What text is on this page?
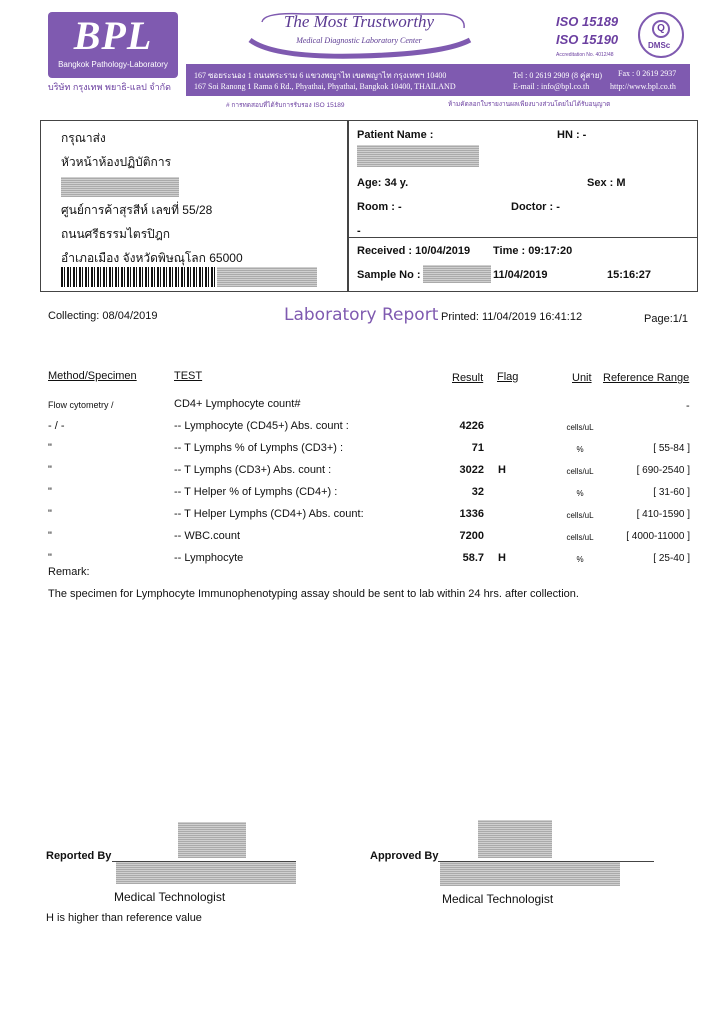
BPL
Bangkok Pathology-Laboratory
บริษัท กรุงเทพ พยาธิ-แลป จำกัด
The Most Trustworthy
Medical Diagnostic Laboratory Center
ISO 15189
ISO 15190
Accreditation No. 4012/48
Q
DMSc
167 ซอยระนอง 1 ถนนพระราม 6 แขวงพญาไท เขตพญาไท กรุงเทพฯ 10400
167 Soi Ranong 1 Rama 6 Rd., Phyathai, Phyathai, Bangkok 10400, THAILAND
Tel : 0 2619 2909 (8 คู่สาย) Fax : 0 2619 2937
E-mail : info@bpl.co.th	http://www.bpl.co.th
# การทดสอบที่ได้รับการรับรอง ISO 15189	ห้ามคัดลอกใบรายงานผลเพียงบางส่วนโดยไม่ได้รับอนุญาต
กรุณาส่ง
หัวหน้าห้องปฏิบัติการ
ศูนย์การค้าสุรสีห์ เลขที่ 55/28
ถนนศรีธรรมไตรปิฎก
อำเภอเมือง จังหวัดพิษณุโลก 65000
Patient Name :	HN : -
Age: 34 y.	Sex : M
Room : -	Doctor : -
-
Received : 10/04/2019 Time : 09:17:20
Sample No :	11/04/2019	15:16:27
Collecting: 08/04/2019	Laboratory Report Printed: 11/04/2019 16:41:12	Page:1/1
Method/Specimen	TEST	Result Flag	Unit Reference Range
Flow cytometry /	CD4+ Lymphocyte count#	-
- / -	-- Lymphocyte (CD45+) Abs. count :	4226	cells/uL
"	-- T Lymphs % of Lymphs (CD3+) :	71	%	[ 55-84 ]
"	-- T Lymphs (CD3+) Abs. count :	3022 H	cells/uL	[ 690-2540 ]
"	-- T Helper % of Lymphs (CD4+) :	32	%	[ 31-60 ]
"	-- T Helper Lymphs (CD4+) Abs. count:	1336	cells/uL	[ 410-1590 ]
"	-- WBC.count	7200	cells/uL	[ 4000-11000 ]
"	-- Lymphocyte	58.7 H	%	[ 25-40 ]
Remark:
The specimen for Lymphocyte Immunophenotyping assay should be sent to lab within 24 hrs. after collection.
Reported By
Medical Technologist
Approved By
Medical Technologist
H is higher than reference value
